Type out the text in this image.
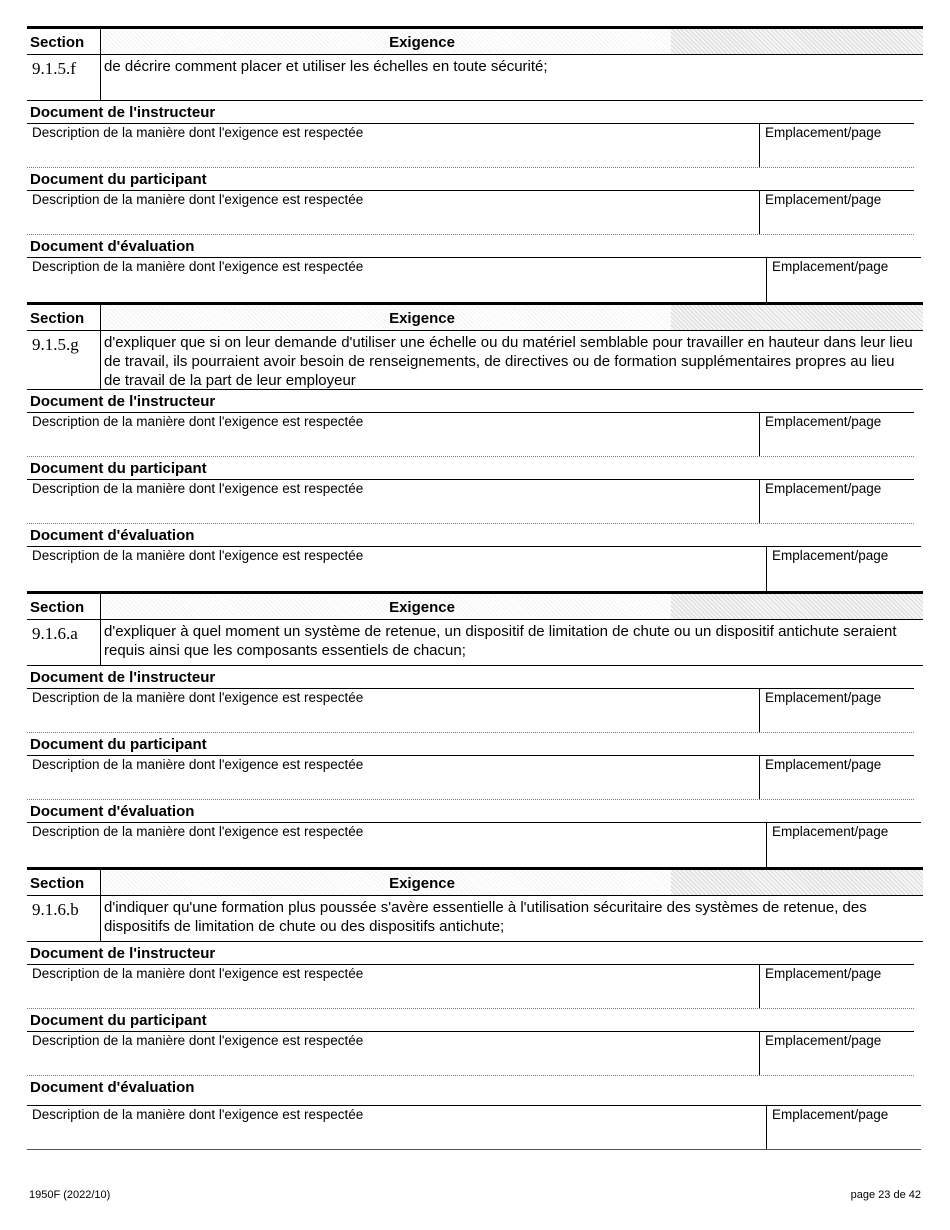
Section	Exigence
9.1.5.f	de décrire comment placer et utiliser les échelles en toute sécurité;
Document de l'instructeur
Description de la manière dont l'exigence est respectée	Emplacement/page
Document du participant
Description de la manière dont l'exigence est respectée	Emplacement/page
Document d'évaluation
Description de la manière dont l'exigence est respectée	Emplacement/page
Section	Exigence
9.1.5.g	d'expliquer que si on leur demande d'utiliser une échelle ou du matériel semblable pour travailler en hauteur dans leur lieu de travail, ils pourraient avoir besoin de renseignements, de directives ou de formation supplémentaires propres au lieu de travail de la part de leur employeur
Document de l'instructeur
Description de la manière dont l'exigence est respectée	Emplacement/page
Document du participant
Description de la manière dont l'exigence est respectée	Emplacement/page
Document d'évaluation
Description de la manière dont l'exigence est respectée	Emplacement/page
Section	Exigence
9.1.6.a	d'expliquer à quel moment un système de retenue, un dispositif de limitation de chute ou un dispositif antichute seraient requis ainsi que les composants essentiels de chacun;
Document de l'instructeur
Description de la manière dont l'exigence est respectée	Emplacement/page
Document du participant
Description de la manière dont l'exigence est respectée	Emplacement/page
Document d'évaluation
Description de la manière dont l'exigence est respectée	Emplacement/page
Section	Exigence
9.1.6.b	d'indiquer qu'une formation plus poussée s'avère essentielle à l'utilisation sécuritaire des systèmes de retenue, des dispositifs de limitation de chute ou des dispositifs antichute;
Document de l'instructeur
Description de la manière dont l'exigence est respectée	Emplacement/page
Document du participant
Description de la manière dont l'exigence est respectée	Emplacement/page
Document d'évaluation
Description de la manière dont l'exigence est respectée	Emplacement/page
1950F (2022/10)	page 23 de 42
